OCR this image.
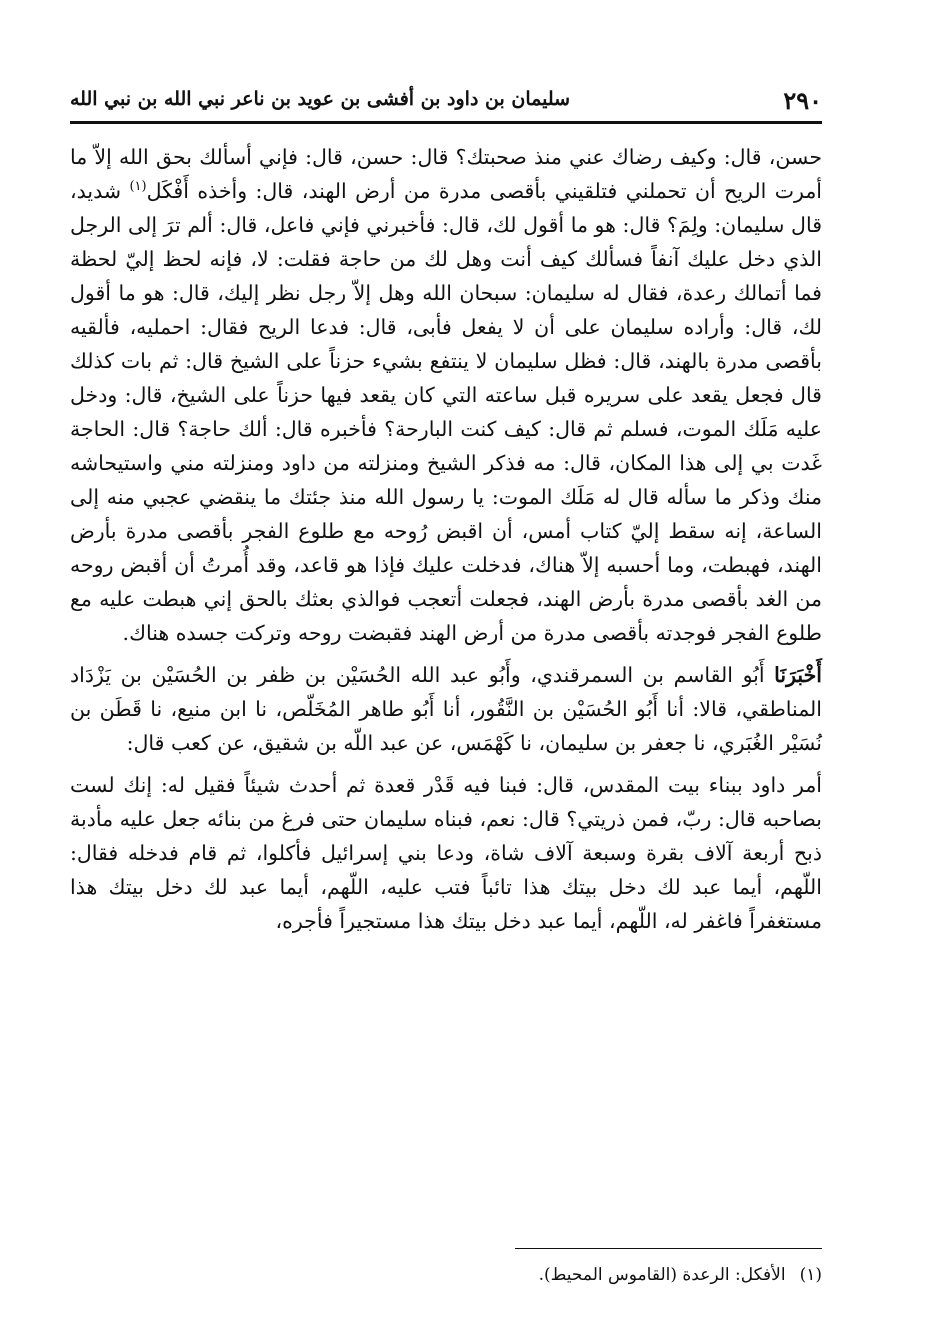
٢٩٠
سليمان بن داود بن أفشى بن عويد بن ناعر نبي الله بن نبي الله

حسن، قال: وكيف رضاك عني منذ صحبتك؟ قال: حسن، قال: فإني أسألك بحق الله إلاّ ما أمرت الريح أن تحملني فتلقيني بأقصى مدرة من أرض الهند، قال: وأخذه أَفْكَل$^{(١)}$ شديد، قال سليمان: ولِمَ؟ قال: هو ما أقول لك، قال: فأخبرني فإني فاعل، قال: ألم ترَ إلى الرجل الذي دخل عليك آنفاً فسألك كيف أنت وهل لك من حاجة فقلت: لا، فإنه لحظ إليّ لحظة فما أتمالك رعدة، فقال له سليمان: سبحان الله وهل إلاّ رجل نظر إليك، قال: هو ما أقول لك، قال: وأراده سليمان على أن لا يفعل فأبى، قال: فدعا الريح فقال: احمليه، فألقيه بأقصى مدرة بالهند، قال: فظل سليمان لا ينتفع بشيء حزناً على الشيخ قال: ثم بات كذلك قال فجعل يقعد على سريره قبل ساعته التي كان يقعد فيها حزناً على الشيخ، قال: ودخل عليه مَلَك الموت، فسلم ثم قال: كيف كنت البارحة؟ فأخبره قال: ألك حاجة؟ قال: الحاجة غَدت بي إلى هذا المكان، قال: مه فذكر الشيخ ومنزلته من داود ومنزلته مني واستيحاشه منك وذكر ما سأله قال له مَلَك الموت: يا رسول الله منذ جئتك ما ينقضي عجبي منه إلى الساعة، إنه سقط إليّ كتاب أمس، أن اقبض رُوحه مع طلوع الفجر بأقصى مدرة بأرض الهند، فهبطت، وما أحسبه إلاّ هناك، فدخلت عليك فإذا هو قاعد، وقد أُمرتُ أن أقبض روحه من الغد بأقصى مدرة بأرض الهند، فجعلت أتعجب فوالذي بعثك بالحق إني هبطت عليه مع طلوع الفجر فوجدته بأقصى مدرة من أرض الهند فقبضت روحه وتركت جسده هناك.

أَخْبَرَنَا أَبُو القاسم بن السمرقندي، وأَبُو عبد الله الحُسَيْن بن ظفر بن الحُسَيْن بن يَزْدَاد المناطقي، قالا: أنا أَبُو الحُسَيْن بن النَّقُور، أنا أَبُو طاهر المُخَلّص، نا ابن منيع، نا قَطَن بن نُسَيْر الغُبَري، نا جعفر بن سليمان، نا كَهْمَس، عن عبد اللّه بن شقيق، عن كعب قال:

أمر داود ببناء بيت المقدس، قال: فبنا فيه قَدْر قعدة ثم أحدث شيئاً فقيل له: إنك لست بصاحبه قال: ربّ، فمن ذريتي؟ قال: نعم، فبناه سليمان حتى فرغ من بنائه جعل عليه مأدبة ذبح أربعة آلاف بقرة وسبعة آلاف شاة، ودعا بني إسرائيل فأكلوا، ثم قام فدخله فقال: اللّهم، أيما عبد لك دخل بيتك هذا تائباً فتب عليه، اللّهم، أيما عبد لك دخل بيتك هذا مستغفراً فاغفر له، اللّهم، أيما عبد دخل بيتك هذا مستجيراً فأجره،

(١)الأفكل: الرعدة (القاموس المحيط).
